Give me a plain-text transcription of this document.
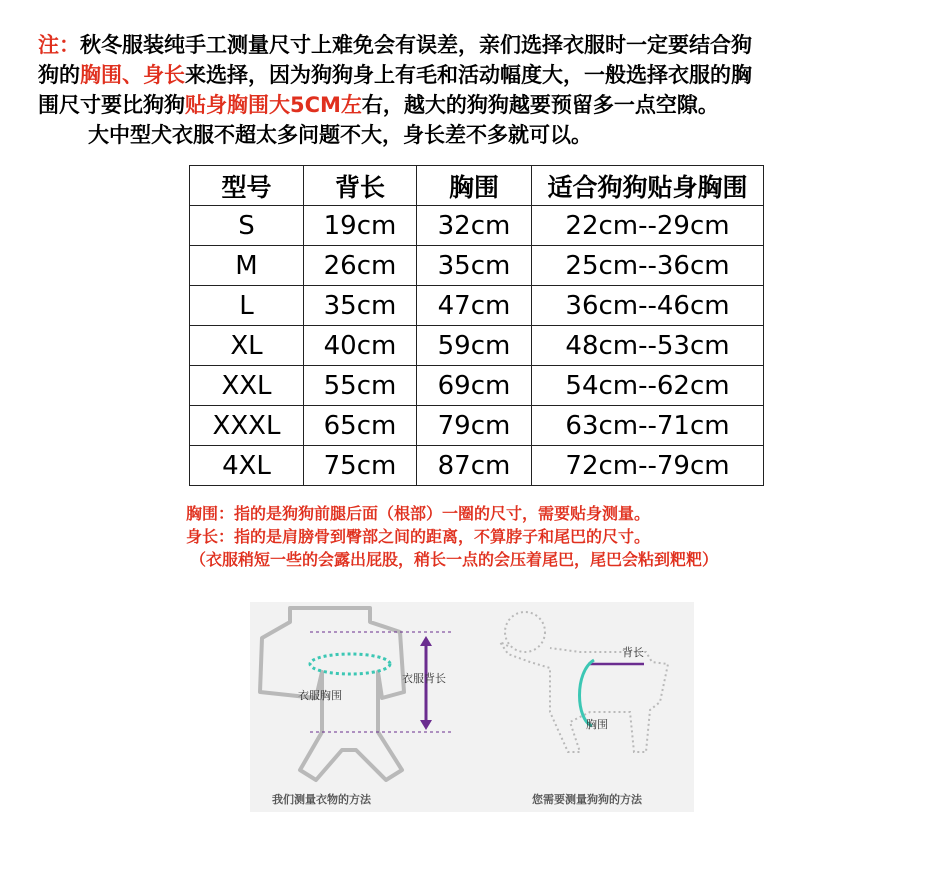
注：秋冬服装纯手工测量尺寸上难免会有误差，亲们选择衣服时一定要结合狗
狗的胸围、身长来选择，因为狗狗身上有毛和活动幅度大，一般选择衣服的胸
围尺寸要比狗狗贴身胸围大5CM左右，越大的狗狗越要预留多一点空隙。
大中型犬衣服不超太多问题不大，身长差不多就可以。
型号	背长	胸围	适合狗狗贴身胸围
S	19cm	32cm	22cm--29cm
M	26cm	35cm	25cm--36cm
L	35cm	47cm	36cm--46cm
XL	40cm	59cm	48cm--53cm
XXL	55cm	69cm	54cm--62cm
XXXL	65cm	79cm	63cm--71cm
4XL	75cm	87cm	72cm--79cm
胸围：指的是狗狗前腿后面（根部）一圈的尺寸，需要贴身测量。
身长：指的是肩膀骨到臀部之间的距离，不算脖子和尾巴的尺寸。
（衣服稍短一些的会露出屁股，稍长一点的会压着尾巴，尾巴会粘到粑粑）
衣服胸围
衣服背长
我们测量衣物的方法
背长
胸围
您需要测量狗狗的方法
